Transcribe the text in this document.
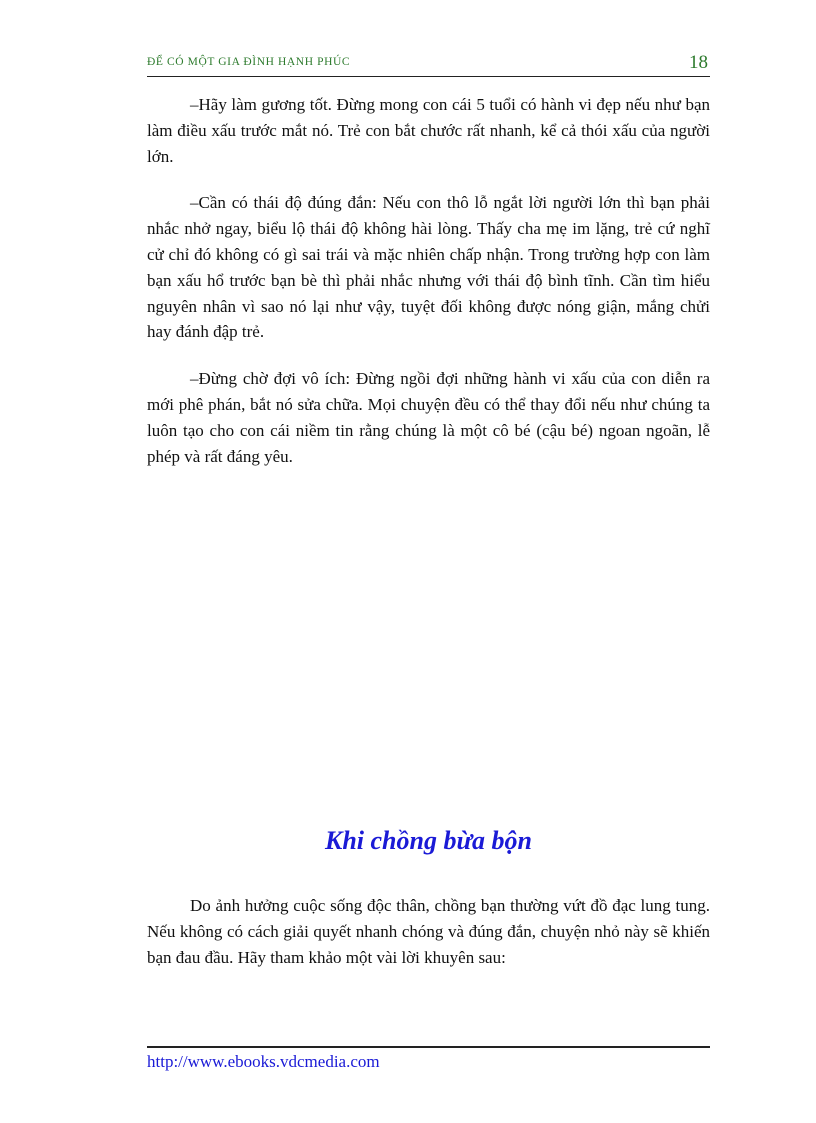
ĐỂ CÓ MỘT GIA ĐÌNH HẠNH PHÚC	18

–Hãy làm gương tốt. Đừng mong con cái 5 tuổi có hành vi đẹp nếu như bạn làm điều xấu trước mắt nó. Trẻ con bắt chước rất nhanh, kể cả thói xấu của người lớn.

–Cần có thái độ đúng đắn: Nếu con thô lỗ ngắt lời người lớn thì bạn phải nhắc nhở ngay, biểu lộ thái độ không hài lòng. Thấy cha mẹ im lặng, trẻ cứ nghĩ cử chỉ đó không có gì sai trái và mặc nhiên chấp nhận. Trong trường hợp con làm bạn xấu hổ trước bạn bè thì phải nhắc nhưng với thái độ bình tĩnh. Cần tìm hiểu nguyên nhân vì sao nó lại như vậy, tuyệt đối không được nóng giận, mắng chửi hay đánh đập trẻ.

–Đừng chờ đợi vô ích: Đừng ngồi đợi những hành vi xấu của con diễn ra mới phê phán, bắt nó sửa chữa. Mọi chuyện đều có thể thay đổi nếu như chúng ta luôn tạo cho con cái niềm tin rằng chúng là một cô bé (cậu bé) ngoan ngoãn, lễ phép và rất đáng yêu.

Khi chồng bừa bộn

Do ảnh hưởng cuộc sống độc thân, chồng bạn thường vứt đồ đạc lung tung. Nếu không có cách giải quyết nhanh chóng và đúng đắn, chuyện nhỏ này sẽ khiến bạn đau đầu. Hãy tham khảo một vài lời khuyên sau:

http://www.ebooks.vdcmedia.com
